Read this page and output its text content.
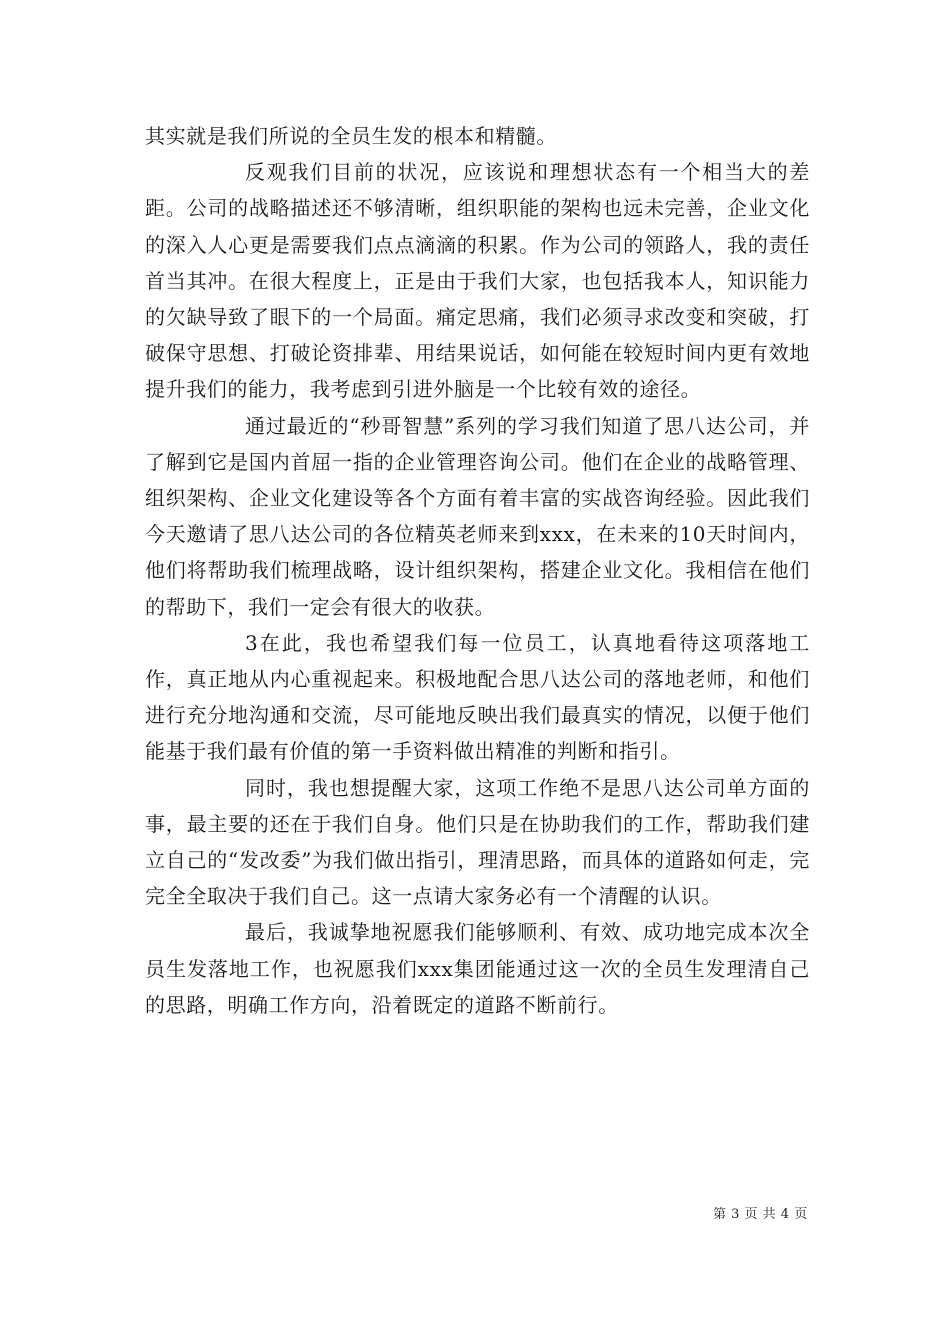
其实就是我们所说的全员生发的根本和精髓。

反观我们目前的状况，应该说和理想状态有一个相当大的差距。公司的战略描述还不够清晰，组织职能的架构也远未完善，企业文化的深入人心更是需要我们点点滴滴的积累。作为公司的领路人，我的责任首当其冲。在很大程度上，正是由于我们大家，也包括我本人，知识能力的欠缺导致了眼下的一个局面。痛定思痛，我们必须寻求改变和突破，打破保守思想、打破论资排辈、用结果说话，如何能在较短时间内更有效地提升我们的能力，我考虑到引进外脑是一个比较有效的途径。

通过最近的“秒哥智慧”系列的学习我们知道了思八达公司，并了解到它是国内首屈一指的企业管理咨询公司。他们在企业的战略管理、组织架构、企业文化建设等各个方面有着丰富的实战咨询经验。因此我们今天邀请了思八达公司的各位精英老师来到xxx，在未来的10天时间内，他们将帮助我们梳理战略，设计组织架构，搭建企业文化。我相信在他们的帮助下，我们一定会有很大的收获。

3在此，我也希望我们每一位员工，认真地看待这项落地工作，真正地从内心重视起来。积极地配合思八达公司的落地老师，和他们进行充分地沟通和交流，尽可能地反映出我们最真实的情况，以便于他们能基于我们最有价值的第一手资料做出精准的判断和指引。

同时，我也想提醒大家，这项工作绝不是思八达公司单方面的事，最主要的还在于我们自身。他们只是在协助我们的工作，帮助我们建立自己的“发改委”为我们做出指引，理清思路，而具体的道路如何走，完完全全取决于我们自己。这一点请大家务必有一个清醒的认识。

最后，我诚挚地祝愿我们能够顺利、有效、成功地完成本次全员生发落地工作，也祝愿我们xxx集团能通过这一次的全员生发理清自己的思路，明确工作方向，沿着既定的道路不断前行。

第 3 页 共 4 页
